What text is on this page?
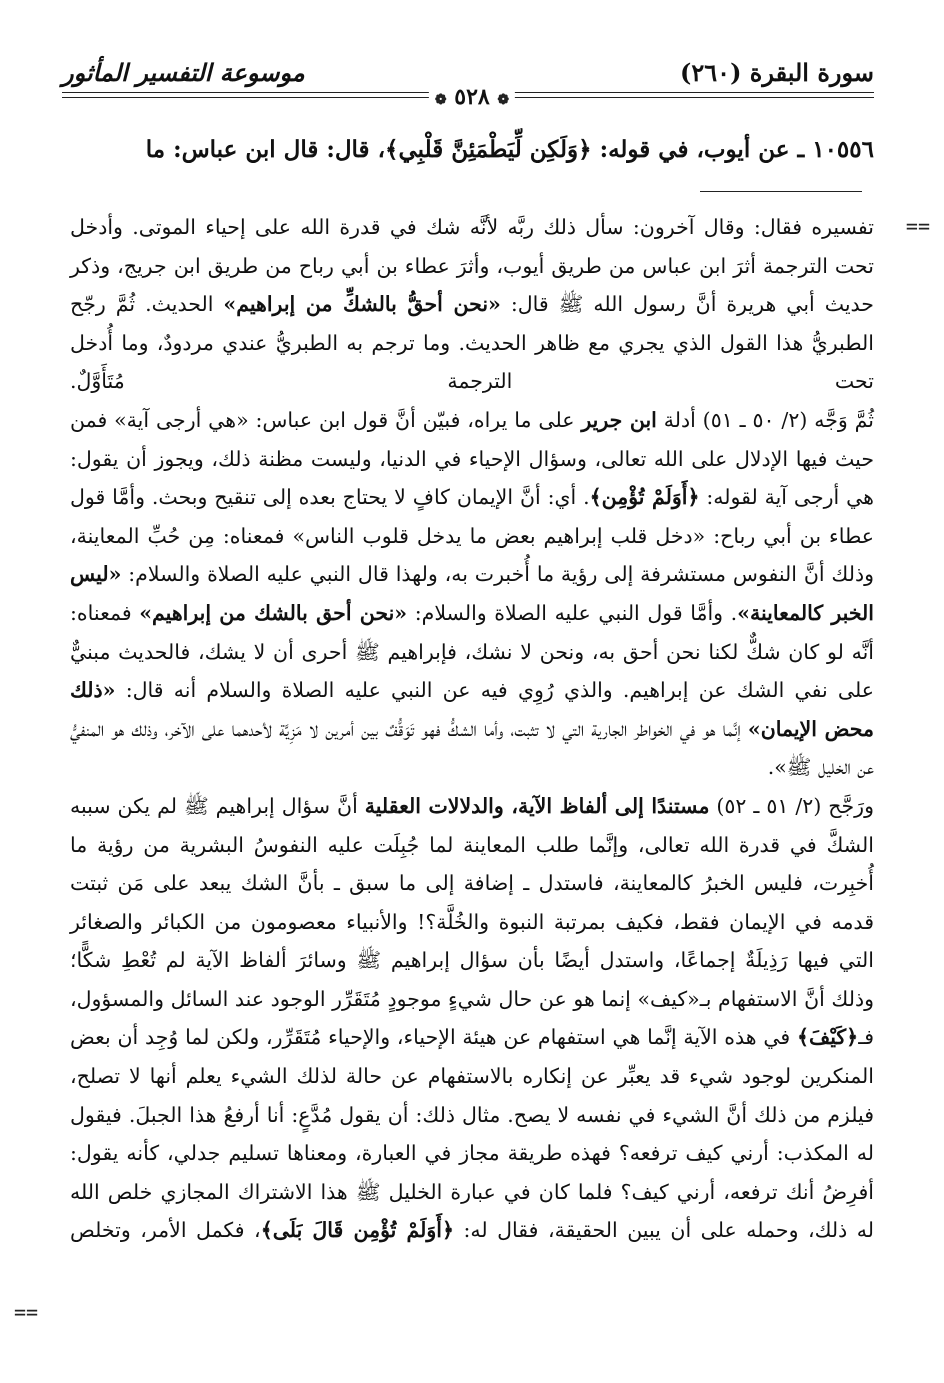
سورة البقرة (٢٦٠)
موسوعة التفسير المأثور
❁ ٥٢٨ ❁
١٠٥٥٦ ـ عن أيوب، في قوله: ﴿وَلَكِن لِّيَطْمَئِنَّ قَلْبِي﴾، قال: قال ابن عباس: ما
==

تفسيره فقال: وقال آخرون: سأل ذلك ربَّه لأنَّه شك في قدرة الله على إحياء الموتى. وأدخل تحت الترجمة أثرَ ابن عباس من طريق أيوب، وأثرَ عطاء بن أبي رباح من طريق ابن جريج، وذكر حديث أبي هريرة أنَّ رسول الله ﷺ قال: «نحن أحقُّ بالشكِّ من إبراهيم» الحديث. ثُمَّ رجّح الطبريُّ هذا القول الذي يجري مع ظاهر الحديث. وما ترجم به الطبريُّ عندي مردودٌ، وما أُدخل تحت الترجمة مُتَأَوَّلٌ.

ثُمَّ وَجَّه (٢/ ٥٠ ـ ٥١) أدلة ابن جرير على ما يراه، فبيّن أنَّ قول ابن عباس: «هي أرجى آية» فمن حيث فيها الإدلال على الله تعالى، وسؤال الإحياء في الدنيا، وليست مظنة ذلك، ويجوز أن يقول: هي أرجى آية لقوله: ﴿أَوَلَمْ تُؤْمِن﴾. أي: أنَّ الإيمان كافٍ لا يحتاج بعده إلى تنقيح وبحث. وأمَّا قول عطاء بن أبي رباح: «دخل قلب إبراهيم بعض ما يدخل قلوب الناس» فمعناه: مِن حُبِّ المعاينة، وذلك أنَّ النفوس مستشرفة إلى رؤية ما أُخبرت به، ولهذا قال النبي عليه الصلاة والسلام: «ليس الخبر كالمعاينة». وأمَّا قول النبي عليه الصلاة والسلام: «نحن أحق بالشك من إبراهيم» فمعناه: أنَّه لو كان شكٌّ لكنا نحن أحق به، ونحن لا نشك، فإبراهيم ﷺ أحرى أن لا يشك، فالحديث مبنيٌّ على نفي الشك عن إبراهيم. والذي رُوِي فيه عن النبي عليه الصلاة والسلام أنه قال: «ذلك محض الإيمان» إنَّما هو في الخواطر الجارية التي لا تثبت، وأما الشكُّ فهو تَوَقُّفٌ بين أمرين لا مَزِيَّة لأحدهما على الآخر، وذلك هو المنفيُّ عن الخليل ﷺ».

ورَجَّح (٢/ ٥١ ـ ٥٢) مستندًا إلى ألفاظ الآية، والدلالات العقلية أنَّ سؤال إبراهيم ﷺ لم يكن سببه الشكَّ في قدرة الله تعالى، وإنَّما طلب المعاينة لما جُبِلَت عليه النفوسُ البشرية من رؤية ما أُخبِرت، فليس الخبرُ كالمعاينة، فاستدل ـ إضافة إلى ما سبق ـ بأنَّ الشك يبعد على مَن ثبتت قدمه في الإيمان فقط، فكيف بمرتبة النبوة والخُلَّة؟! والأنبياء معصومون من الكبائر والصغائر التي فيها رَذِيلَةٌ إجماعًا، واستدل أيضًا بأن سؤال إبراهيم ﷺ وسائرَ ألفاظ الآية لم تُعْطِ شكًّا؛ وذلك أنَّ الاستفهام بـ«كيف» إنما هو عن حال شيءٍ موجودٍ مُتَقَرِّر الوجود عند السائل والمسؤول، فـ﴿كَيْفَ﴾ في هذه الآية إنَّما هي استفهام عن هيئة الإحياء، والإحياء مُتَقَرِّر، ولكن لما وُجِد أن بعض المنكرين لوجود شيء قد يعبِّر عن إنكاره بالاستفهام عن حالة لذلك الشيء يعلم أنها لا تصلح، فيلزم من ذلك أنَّ الشيء في نفسه لا يصح. مثال ذلك: أن يقول مُدَّعٍ: أنا أرفعُ هذا الجبلَ. فيقول له المكذب: أرني كيف ترفعه؟ فهذه طريقة مجاز في العبارة، ومعناها تسليم جدلي، كأنه يقول: أفرِضُ أنك ترفعه، أرني كيف؟ فلما كان في عبارة الخليل ﷺ هذا الاشتراك المجازي خلص الله له ذلك، وحمله على أن يبين الحقيقة، فقال له: ﴿أَوَلَمْ تُؤْمِن قَالَ بَلَى﴾، فكمل الأمر، وتخلص

==
